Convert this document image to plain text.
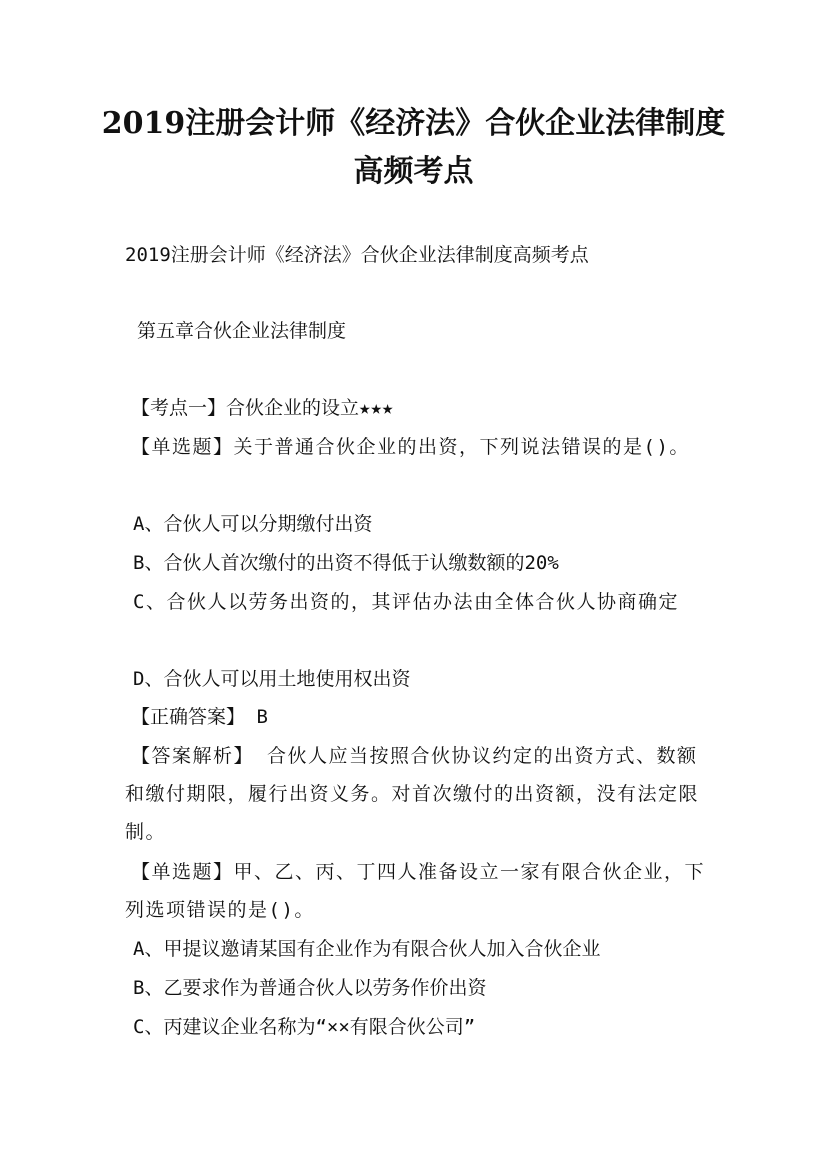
2019注册会计师《经济法》合伙企业法律制度高频考点

2019注册会计师《经济法》合伙企业法律制度高频考点

第五章合伙企业法律制度

【考点一】合伙企业的设立★★★

【单选题】关于普通合伙企业的出资，下列说法错误的是()。

A、合伙人可以分期缴付出资

B、合伙人首次缴付的出资不得低于认缴数额的20%

C、合伙人以劳务出资的，其评估办法由全体合伙人协商确定

D、合伙人可以用土地使用权出资

【正确答案】 B

【答案解析】 合伙人应当按照合伙协议约定的出资方式、数额和缴付期限，履行出资义务。对首次缴付的出资额，没有法定限制。

【单选题】甲、乙、丙、丁四人准备设立一家有限合伙企业，下列选项错误的是()。

A、甲提议邀请某国有企业作为有限合伙人加入合伙企业

B、乙要求作为普通合伙人以劳务作价出资

C、丙建议企业名称为“××有限合伙公司”
